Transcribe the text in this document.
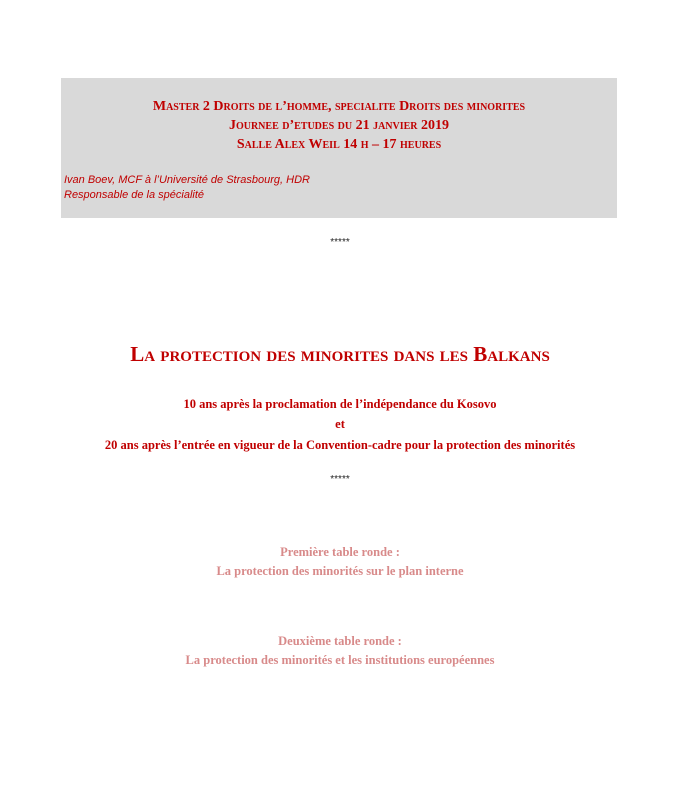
Master 2 Droits de l’homme, specialite Droits des minorites
Journee d’etudes du 21 janvier 2019
Salle Alex Weil 14 h – 17 heures
Ivan Boev, MCF à l’Université de Strasbourg, HDR
Responsable de la spécialité
*****
La protection des minorites dans les Balkans
10 ans après la proclamation de l’indépendance du Kosovo
et
20 ans après l’entrée en vigueur de la Convention-cadre pour la protection des minorités
*****
Première table ronde :
La protection des minorités sur le plan interne
Deuxième table ronde :
La protection des minorités et les institutions européennes
